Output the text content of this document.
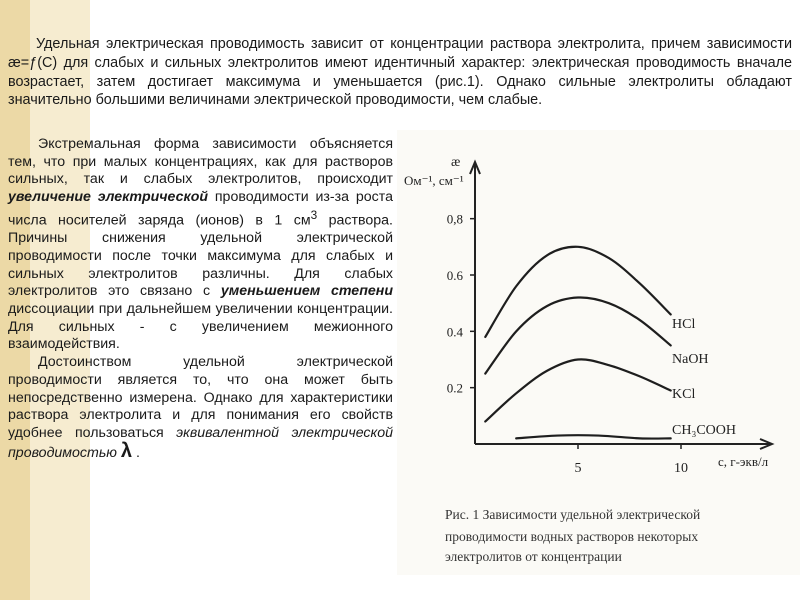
Удельная электрическая проводимость зависит от концентрации раствора электролита, причем зависимости æ=ƒ(C) для слабых и сильных электролитов имеют идентичный характер: электрическая проводимость вначале возрастает, затем достигает максимума и уменьшается (рис.1). Однако сильные электролиты обладают значительно большими величинами электрической проводимости, чем слабые.

Экстремальная форма зависимости объясняется тем, что при малых концентрациях, как для растворов сильных, так и слабых электролитов, происходит увеличение электрической проводимости из-за роста числа носителей заряда (ионов) в 1 $см^3$ раствора. Причины снижения удельной электрической проводимости после точки максимума для слабых и сильных электролитов различны. Для слабых электролитов это связано с уменьшением степени диссоциации при дальнейшем увеличении концентрации. Для сильных - с увеличением межионного взаимодействия.

Достоинством удельной электрической проводимости является то, что она может быть непосредственно измерена. Однако для характеристики раствора электролита и для понимания его свойств удобнее пользоваться эквивалентной электрической проводимостью λ .

0.2
0.4
0.6
0,8
5	10
æ
Ом⁻¹, см⁻¹
с, г-экв/л
HCl
NaOH
KCl
CH₃COOH
Рис. 1 Зависимости удельной электрической
проводимости водных растворов некоторых
электролитов от концентрации
